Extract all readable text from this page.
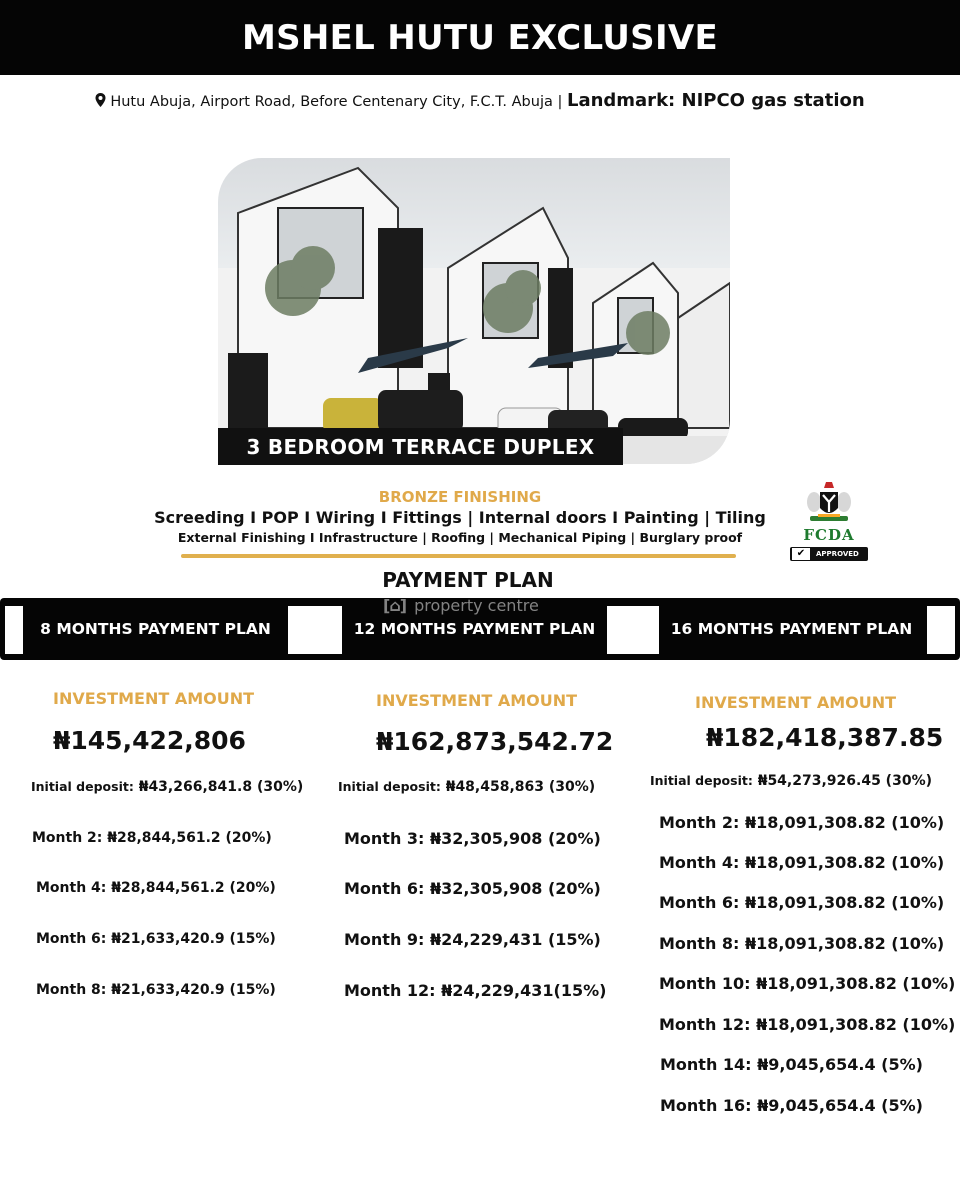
MSHEL HUTU EXCLUSIVE
Hutu Abuja, Airport Road, Before Centenary City, F.C.T. Abuja | Landmark: NIPCO gas station
3 BEDROOM TERRACE DUPLEX
BRONZE FINISHING
Screeding I POP I Wiring I Fittings | Internal doors I Painting | Tiling
External Finishing I Infrastructure | Roofing | Mechanical Piping | Burglary proof	FCDA
✔	APPROVED
PAYMENT PLAN
8 MONTHS PAYMENT PLAN	12 MONTHS PAYMENT PLAN	16 MONTHS PAYMENT PLAN
[⌂] property centre
INVESTMENT AMOUNT
₦145,422,806
Initial deposit: ₦43,266,841.8 (30%)
Month 2: ₦28,844,561.2 (20%)
Month 4: ₦28,844,561.2 (20%)
Month 6: ₦21,633,420.9 (15%)
Month 8: ₦21,633,420.9 (15%)
INVESTMENT AMOUNT
₦162,873,542.72
Initial deposit: ₦48,458,863 (30%)
Month 3: ₦32,305,908 (20%)
Month 6: ₦32,305,908 (20%)
Month 9: ₦24,229,431 (15%)
Month 12: ₦24,229,431(15%)
INVESTMENT AMOUNT
₦182,418,387.85
Initial deposit: ₦54,273,926.45 (30%)
Month 2: ₦18,091,308.82 (10%)
Month 4: ₦18,091,308.82 (10%)
Month 6: ₦18,091,308.82 (10%)
Month 8: ₦18,091,308.82 (10%)
Month 10: ₦18,091,308.82 (10%)
Month 12: ₦18,091,308.82 (10%)
Month 14: ₦9,045,654.4 (5%)
Month 16: ₦9,045,654.4 (5%)
